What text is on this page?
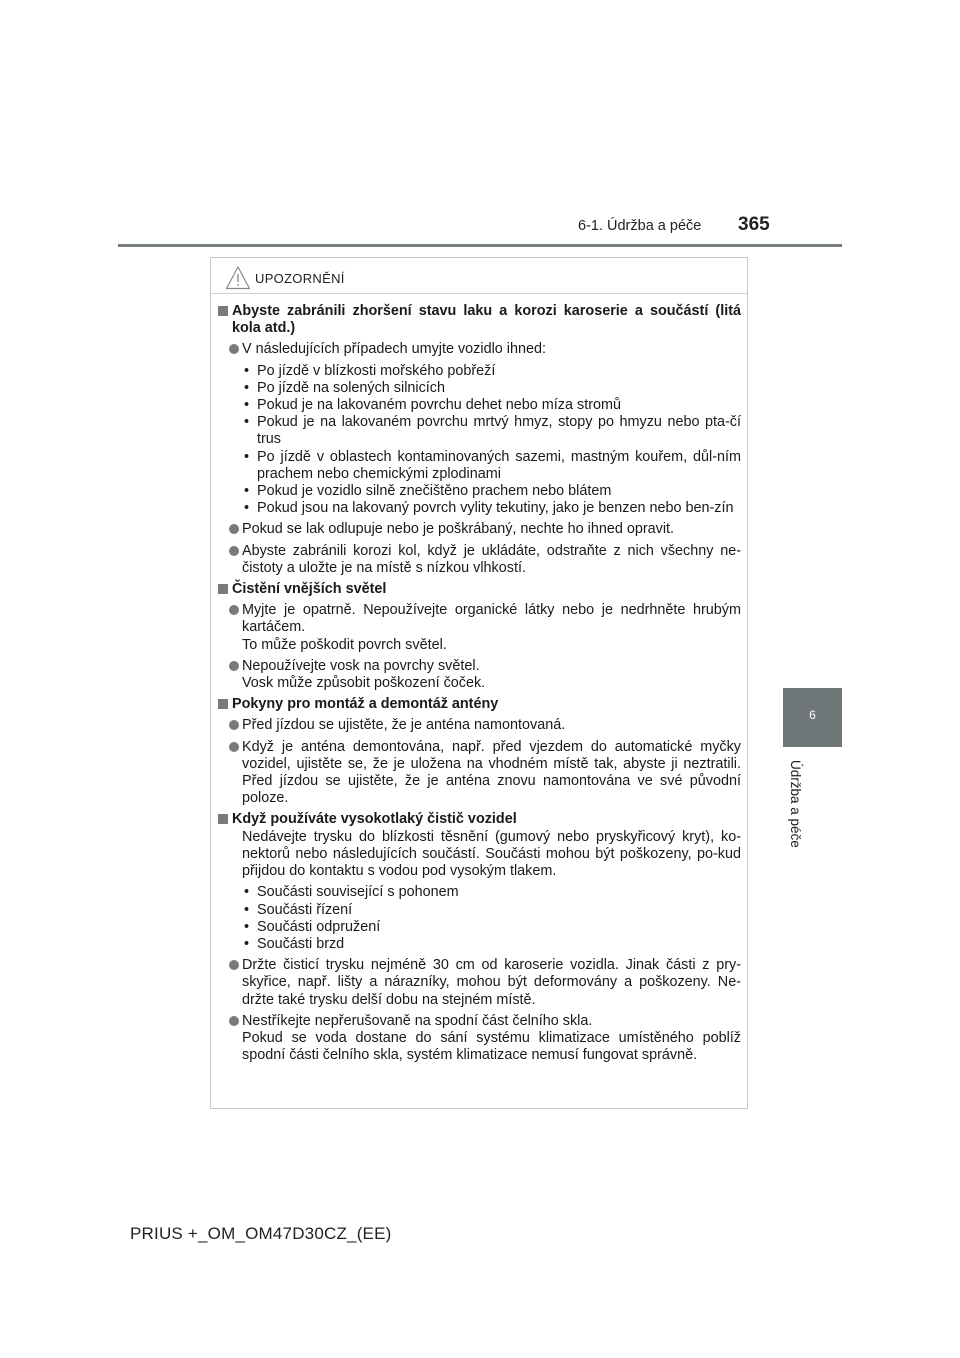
6-1. Údržba a péče 365
6
Údržba a péče
UPOZORNĚNÍ
Abyste zabránili zhoršení stavu laku a korozi karoserie a součástí (litá kola atd.)
V následujících případech umyjte vozidlo ihned:
• Po jízdě v blízkosti mořského pobřeží
• Po jízdě na solených silnicích
• Pokud je na lakovaném povrchu dehet nebo míza stromů
• Pokud je na lakovaném povrchu mrtvý hmyz, stopy po hmyzu nebo pta-čí trus
• Po jízdě v oblastech kontaminovaných sazemi, mastným kouřem, důl-ním prachem nebo chemickými zplodinami
• Pokud je vozidlo silně znečištěno prachem nebo blátem
• Pokud jsou na lakovaný povrch vylity tekutiny, jako je benzen nebo ben-zín
Pokud se lak odlupuje nebo je poškrábaný, nechte ho ihned opravit.
Abyste zabránili korozi kol, když je ukládáte, odstraňte z nich všechny ne-čistoty a uložte je na místě s nízkou vlhkostí.
Čistění vnějších světel
Myjte je opatrně. Nepoužívejte organické látky nebo je nedrhněte hrubým kartáčem.
To může poškodit povrch světel.
Nepoužívejte vosk na povrchy světel.
Vosk může způsobit poškození čoček.
Pokyny pro montáž a demontáž antény
Před jízdou se ujistěte, že je anténa namontovaná.
Když je anténa demontována, např. před vjezdem do automatické myčky vozidel, ujistěte se, že je uložena na vhodném místě tak, abyste ji neztratili. Před jízdou se ujistěte, že je anténa znovu namontována ve své původní poloze.
Když používáte vysokotlaký čistič vozidel
Nedávejte trysku do blízkosti těsnění (gumový nebo pryskyřicový kryt), ko-nektorů nebo následujících součástí. Součásti mohou být poškozeny, po-kud přijdou do kontaktu s vodou pod vysokým tlakem.
• Součásti související s pohonem
• Součásti řízení
• Součásti odpružení
• Součásti brzd
Držte čisticí trysku nejméně 30 cm od karoserie vozidla. Jinak části z pry-skyřice, např. lišty a nárazníky, mohou být deformovány a poškozeny. Ne-držte také trysku delší dobu na stejném místě.
Nestříkejte nepřerušovaně na spodní část čelního skla.
Pokud se voda dostane do sání systému klimatizace umístěného poblíž spodní části čelního skla, systém klimatizace nemusí fungovat správně.
PRIUS +_OM_OM47D30CZ_(EE)
